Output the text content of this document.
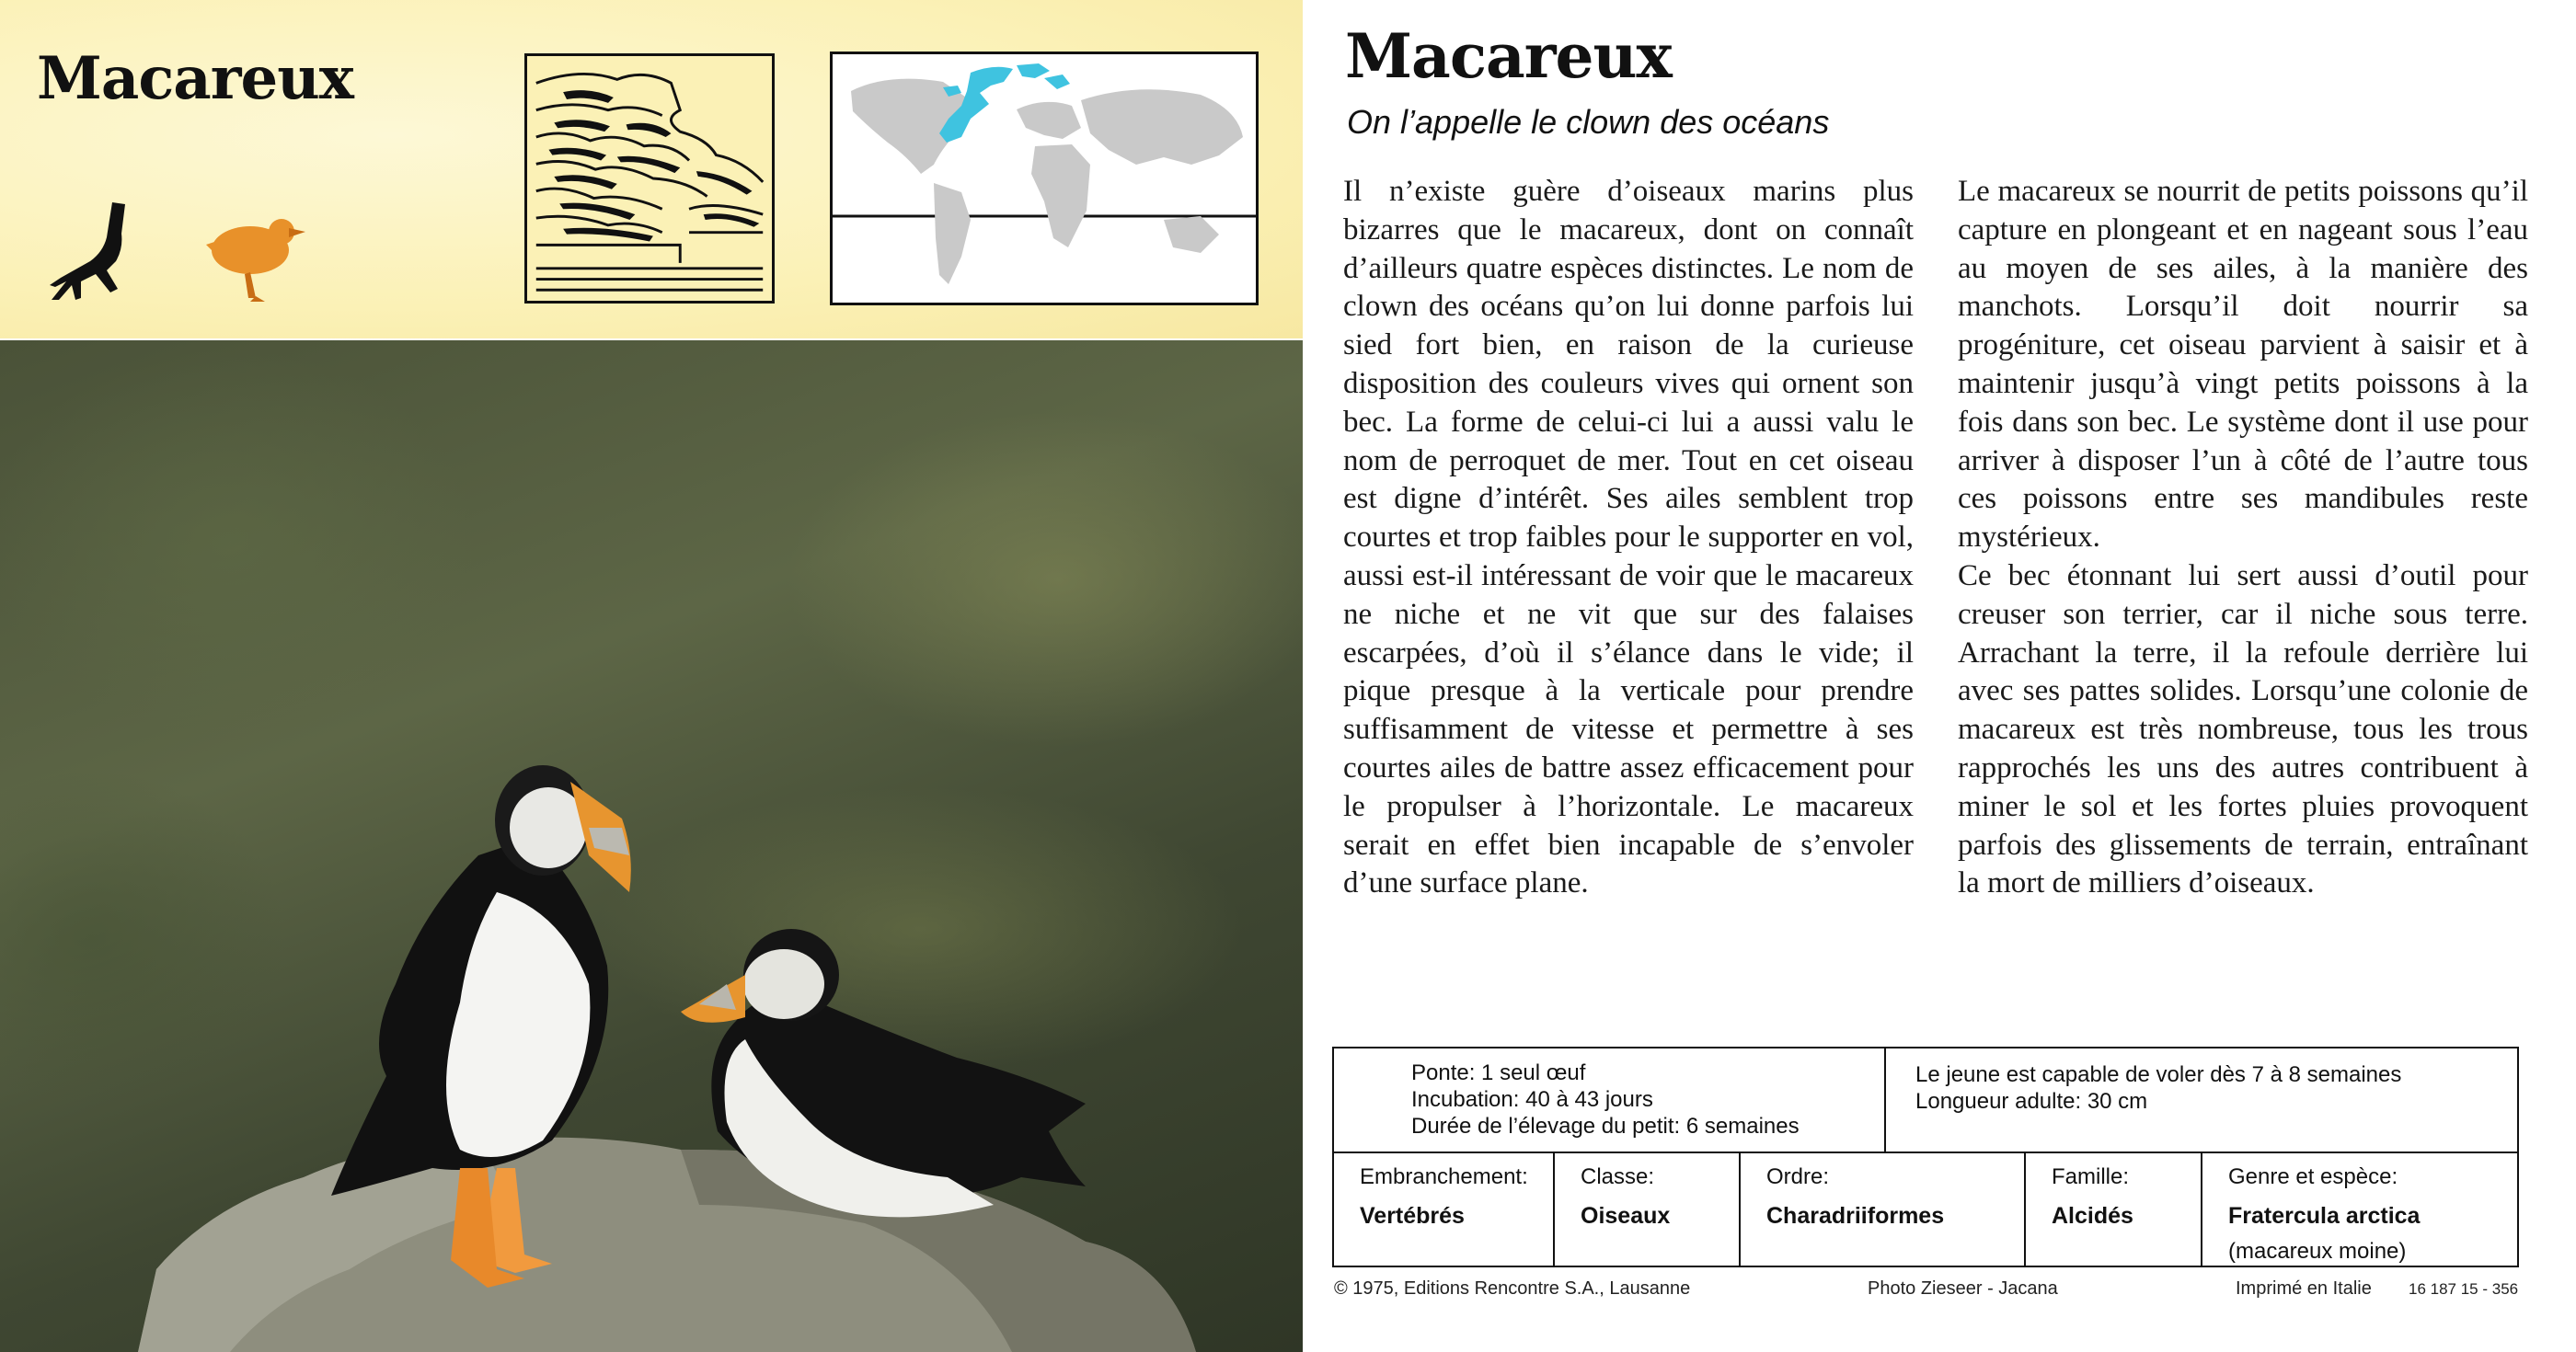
Macareux	Macareux

On l’appelle le clown des océans

Il n’existe guère d’oiseaux marins plus bizarres que le macareux, dont on connaît d’ailleurs quatre espèces distinctes. Le nom de clown des océans qu’on lui donne parfois lui sied fort bien, en raison de la curieuse disposition des couleurs vives qui ornent son bec. La forme de celui-ci lui a aussi valu le nom de perroquet de mer. Tout en cet oiseau est digne d’intérêt. Ses ailes semblent trop courtes et trop faibles pour le supporter en vol, aussi est-il intéressant de voir que le macareux ne niche et ne vit que sur des falaises escarpées, d’où il s’élance dans le vide; il pique presque à la verticale pour prendre suffisamment de vitesse et permettre à ses courtes ailes de battre assez efficacement pour le propulser à l’horizontale. Le macareux serait en effet bien incapable de s’envoler d’une surface plane.

Le macareux se nourrit de petits poissons qu’il capture en plongeant et en nageant sous l’eau au moyen de ses ailes, à la manière des manchots. Lorsqu’il doit nourrir sa progéniture, cet oiseau parvient à saisir et à maintenir jusqu’à vingt petits poissons à la fois dans son bec. Le système dont il use pour arriver à disposer l’un à côté de l’autre tous ces poissons entre ses mandibules reste mystérieux.

Ce bec étonnant lui sert aussi d’outil pour creuser son terrier, car il niche sous terre. Arrachant la terre, il la refoule derrière lui avec ses pattes solides. Lorsqu’une colonie de macareux est très nombreuse, tous les trous rapprochés les uns des autres contribuent à miner le sol et les fortes pluies provoquent parfois des glissements de terrain, entraînant la mort de milliers d’oiseaux.

Ponte: 1 seul œuf
Incubation: 40 à 43 jours
Durée de l’élevage du petit: 6 semaines
Le jeune est capable de voler dès 7 à 8 semaines
Longueur adulte: 30 cm
Embranchement:
Vertébrés
Classe:
Oiseaux
Ordre:
Charadriiformes
Famille:
Alcidés
Genre et espèce:
Fratercula arctica
(macareux moine)
© 1975, Editions Rencontre S.A., Lausanne	Photo Zieseer - Jacana	Imprimé en Italie 16 187 15 - 356
